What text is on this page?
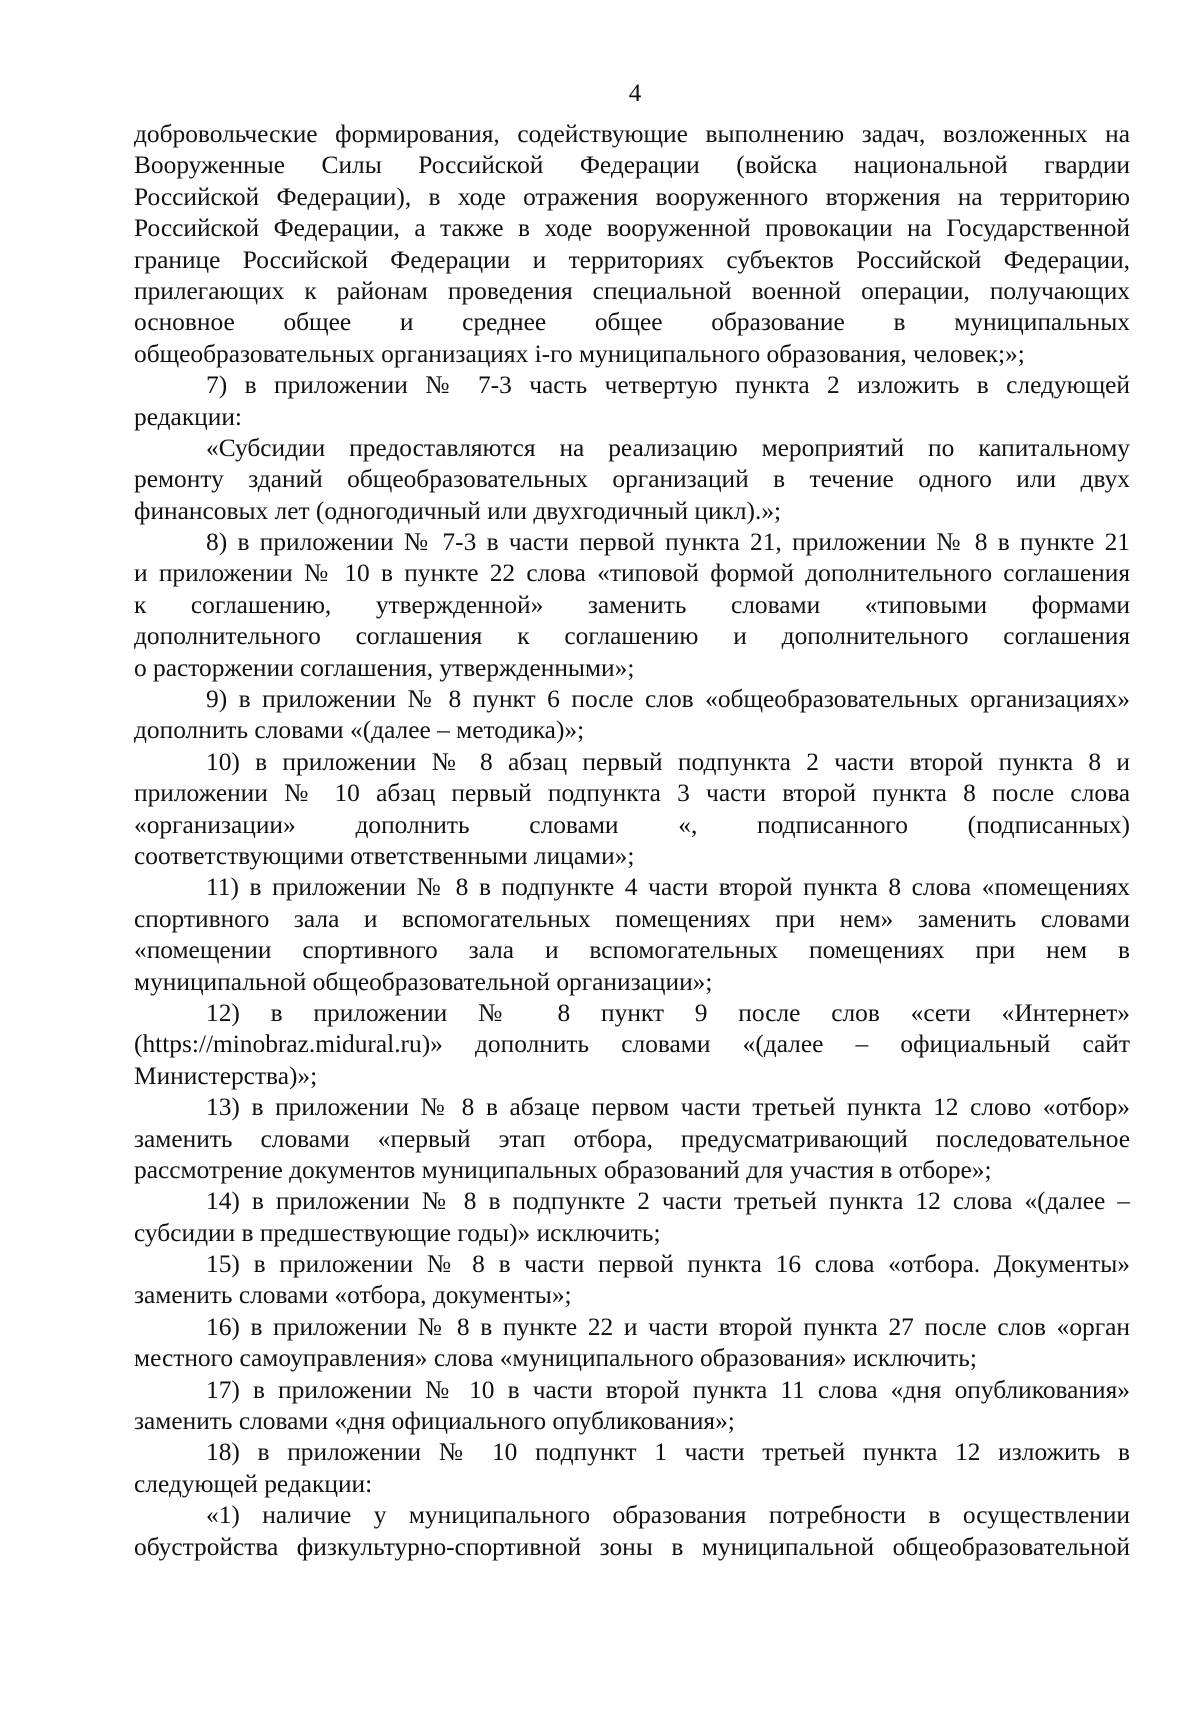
4
добровольческие формирования, содействующие выполнению задач, возложенных на
Вооруженные Силы Российской Федерации (войска национальной гвардии
Российской Федерации), в ходе отражения вооруженного вторжения на территорию
Российской Федерации, а также в ходе вооруженной провокации на Государственной
границе Российской Федерации и территориях субъектов Российской Федерации,
прилегающих к районам проведения специальной военной операции, получающих
основное общее и среднее общее образование в муниципальных
общеобразовательных организациях i-го муниципального образования, человек;»;
7) в приложении № 7-3 часть четвертую пункта 2 изложить в следующей
редакции:
«Субсидии предоставляются на реализацию мероприятий по капитальному
ремонту зданий общеобразовательных организаций в течение одного или двух
финансовых лет (одногодичный или двухгодичный цикл).»;
8) в приложении № 7-3 в части первой пункта 21, приложении № 8 в пункте 21
и приложении № 10 в пункте 22 слова «типовой формой дополнительного соглашения
к соглашению, утвержденной» заменить словами «типовыми формами
дополнительного соглашения к соглашению и дополнительного соглашения
о расторжении соглашения, утвержденными»;
9) в приложении № 8 пункт 6 после слов «общеобразовательных организациях»
дополнить словами «(далее – методика)»;
10) в приложении № 8 абзац первый подпункта 2 части второй пункта 8 и
приложении № 10 абзац первый подпункта 3 части второй пункта 8 после слова
«организации» дополнить словами «, подписанного (подписанных)
соответствующими ответственными лицами»;
11) в приложении № 8 в подпункте 4 части второй пункта 8 слова «помещениях
спортивного зала и вспомогательных помещениях при нем» заменить словами
«помещении спортивного зала и вспомогательных помещениях при нем в
муниципальной общеобразовательной организации»;
12) в приложении № 8 пункт 9 после слов «сети «Интернет»
(https://minobraz.midural.ru)» дополнить словами «(далее – официальный сайт
Министерства)»;
13) в приложении № 8 в абзаце первом части третьей пункта 12 слово «отбор»
заменить словами «первый этап отбора, предусматривающий последовательное
рассмотрение документов муниципальных образований для участия в отборе»;
14) в приложении № 8 в подпункте 2 части третьей пункта 12 слова «(далее –
субсидии в предшествующие годы)» исключить;
15) в приложении № 8 в части первой пункта 16 слова «отбора. Документы»
заменить словами «отбора, документы»;
16) в приложении № 8 в пункте 22 и части второй пункта 27 после слов «орган
местного самоуправления» слова «муниципального образования» исключить;
17) в приложении № 10 в части второй пункта 11 слова «дня опубликования»
заменить словами «дня официального опубликования»;
18) в приложении № 10 подпункт 1 части третьей пункта 12 изложить в
следующей редакции:
«1) наличие у муниципального образования потребности в осуществлении
обустройства физкультурно-спортивной зоны в муниципальной общеобразовательной
